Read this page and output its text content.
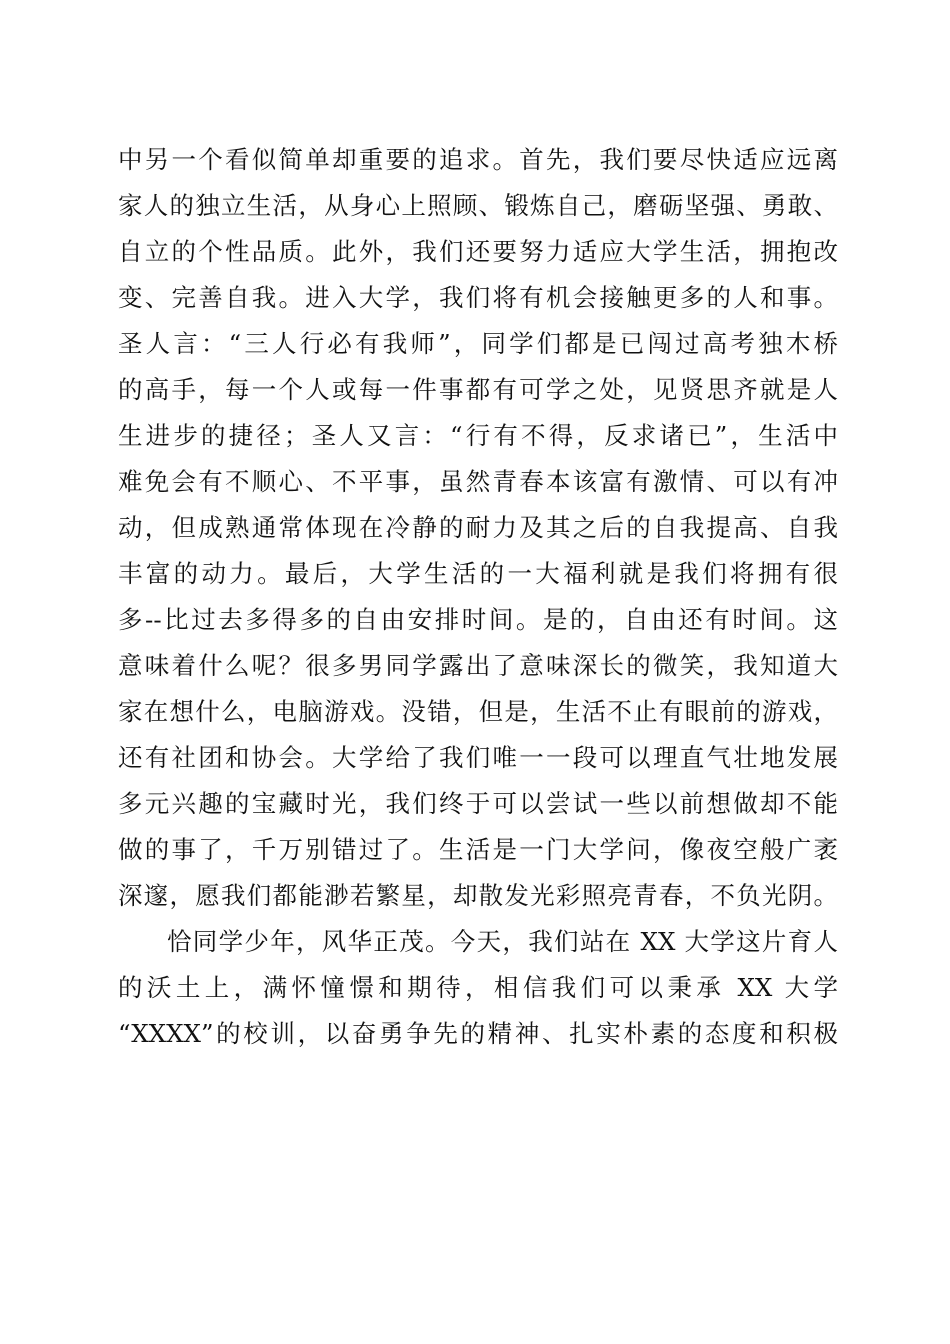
中另一个看似简单却重要的追求。首先，我们要尽快适应远离
家人的独立生活，从身心上照顾、锻炼自己，磨砺坚强、勇敢、
自立的个性品质。此外，我们还要努力适应大学生活，拥抱改
变、完善自我。进入大学，我们将有机会接触更多的人和事。
圣人言：“三人行必有我师”，同学们都是已闯过高考独木桥
的高手，每一个人或每一件事都有可学之处，见贤思齐就是人
生进步的捷径；圣人又言：“行有不得，反求诸已”，生活中
难免会有不顺心、不平事，虽然青春本该富有激情、可以有冲
动，但成熟通常体现在冷静的耐力及其之后的自我提高、自我
丰富的动力。最后，大学生活的一大福利就是我们将拥有很
多--比过去多得多的自由安排时间。是的，自由还有时间。这
意味着什么呢？很多男同学露出了意味深长的微笑，我知道大
家在想什么，电脑游戏。没错，但是，生活不止有眼前的游戏，
还有社团和协会。大学给了我们唯一一段可以理直气壮地发展
多元兴趣的宝藏时光，我们终于可以尝试一些以前想做却不能
做的事了，千万别错过了。生活是一门大学问，像夜空般广袤
深邃，愿我们都能渺若繁星，却散发光彩照亮青春，不负光阴。
恰同学少年，风华正茂。今天，我们站在 XX 大学这片育人
的沃土上，满怀憧憬和期待，相信我们可以秉承 XX 大学
“XXXX”的校训，以奋勇争先的精神、扎实朴素的态度和积极
